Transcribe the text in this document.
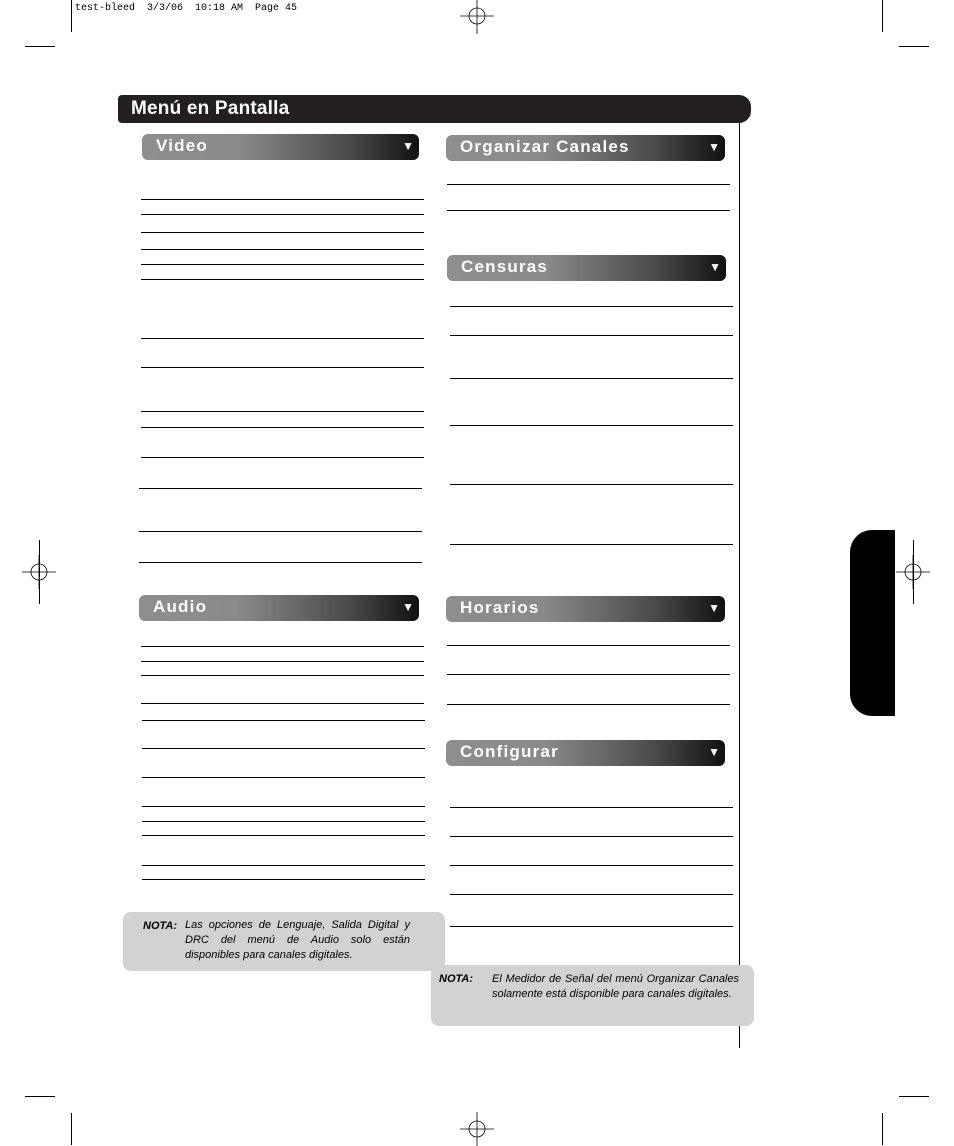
test-bleed  3/3/06  10:18 AM  Page 45
Menú en Pantalla
Video	▼
Audio	▼
Organizar Canales	▼
Censuras	▼
Horarios	▼
Configurar	▼
NOTA: Las opciones de Lenguaje, Salida Digital y DRC del menú de Audio solo están disponibles para canales digitales.
NOTA: El Medidor de Señal del menú Organizar Canales solamente está disponible para canales digitales.
